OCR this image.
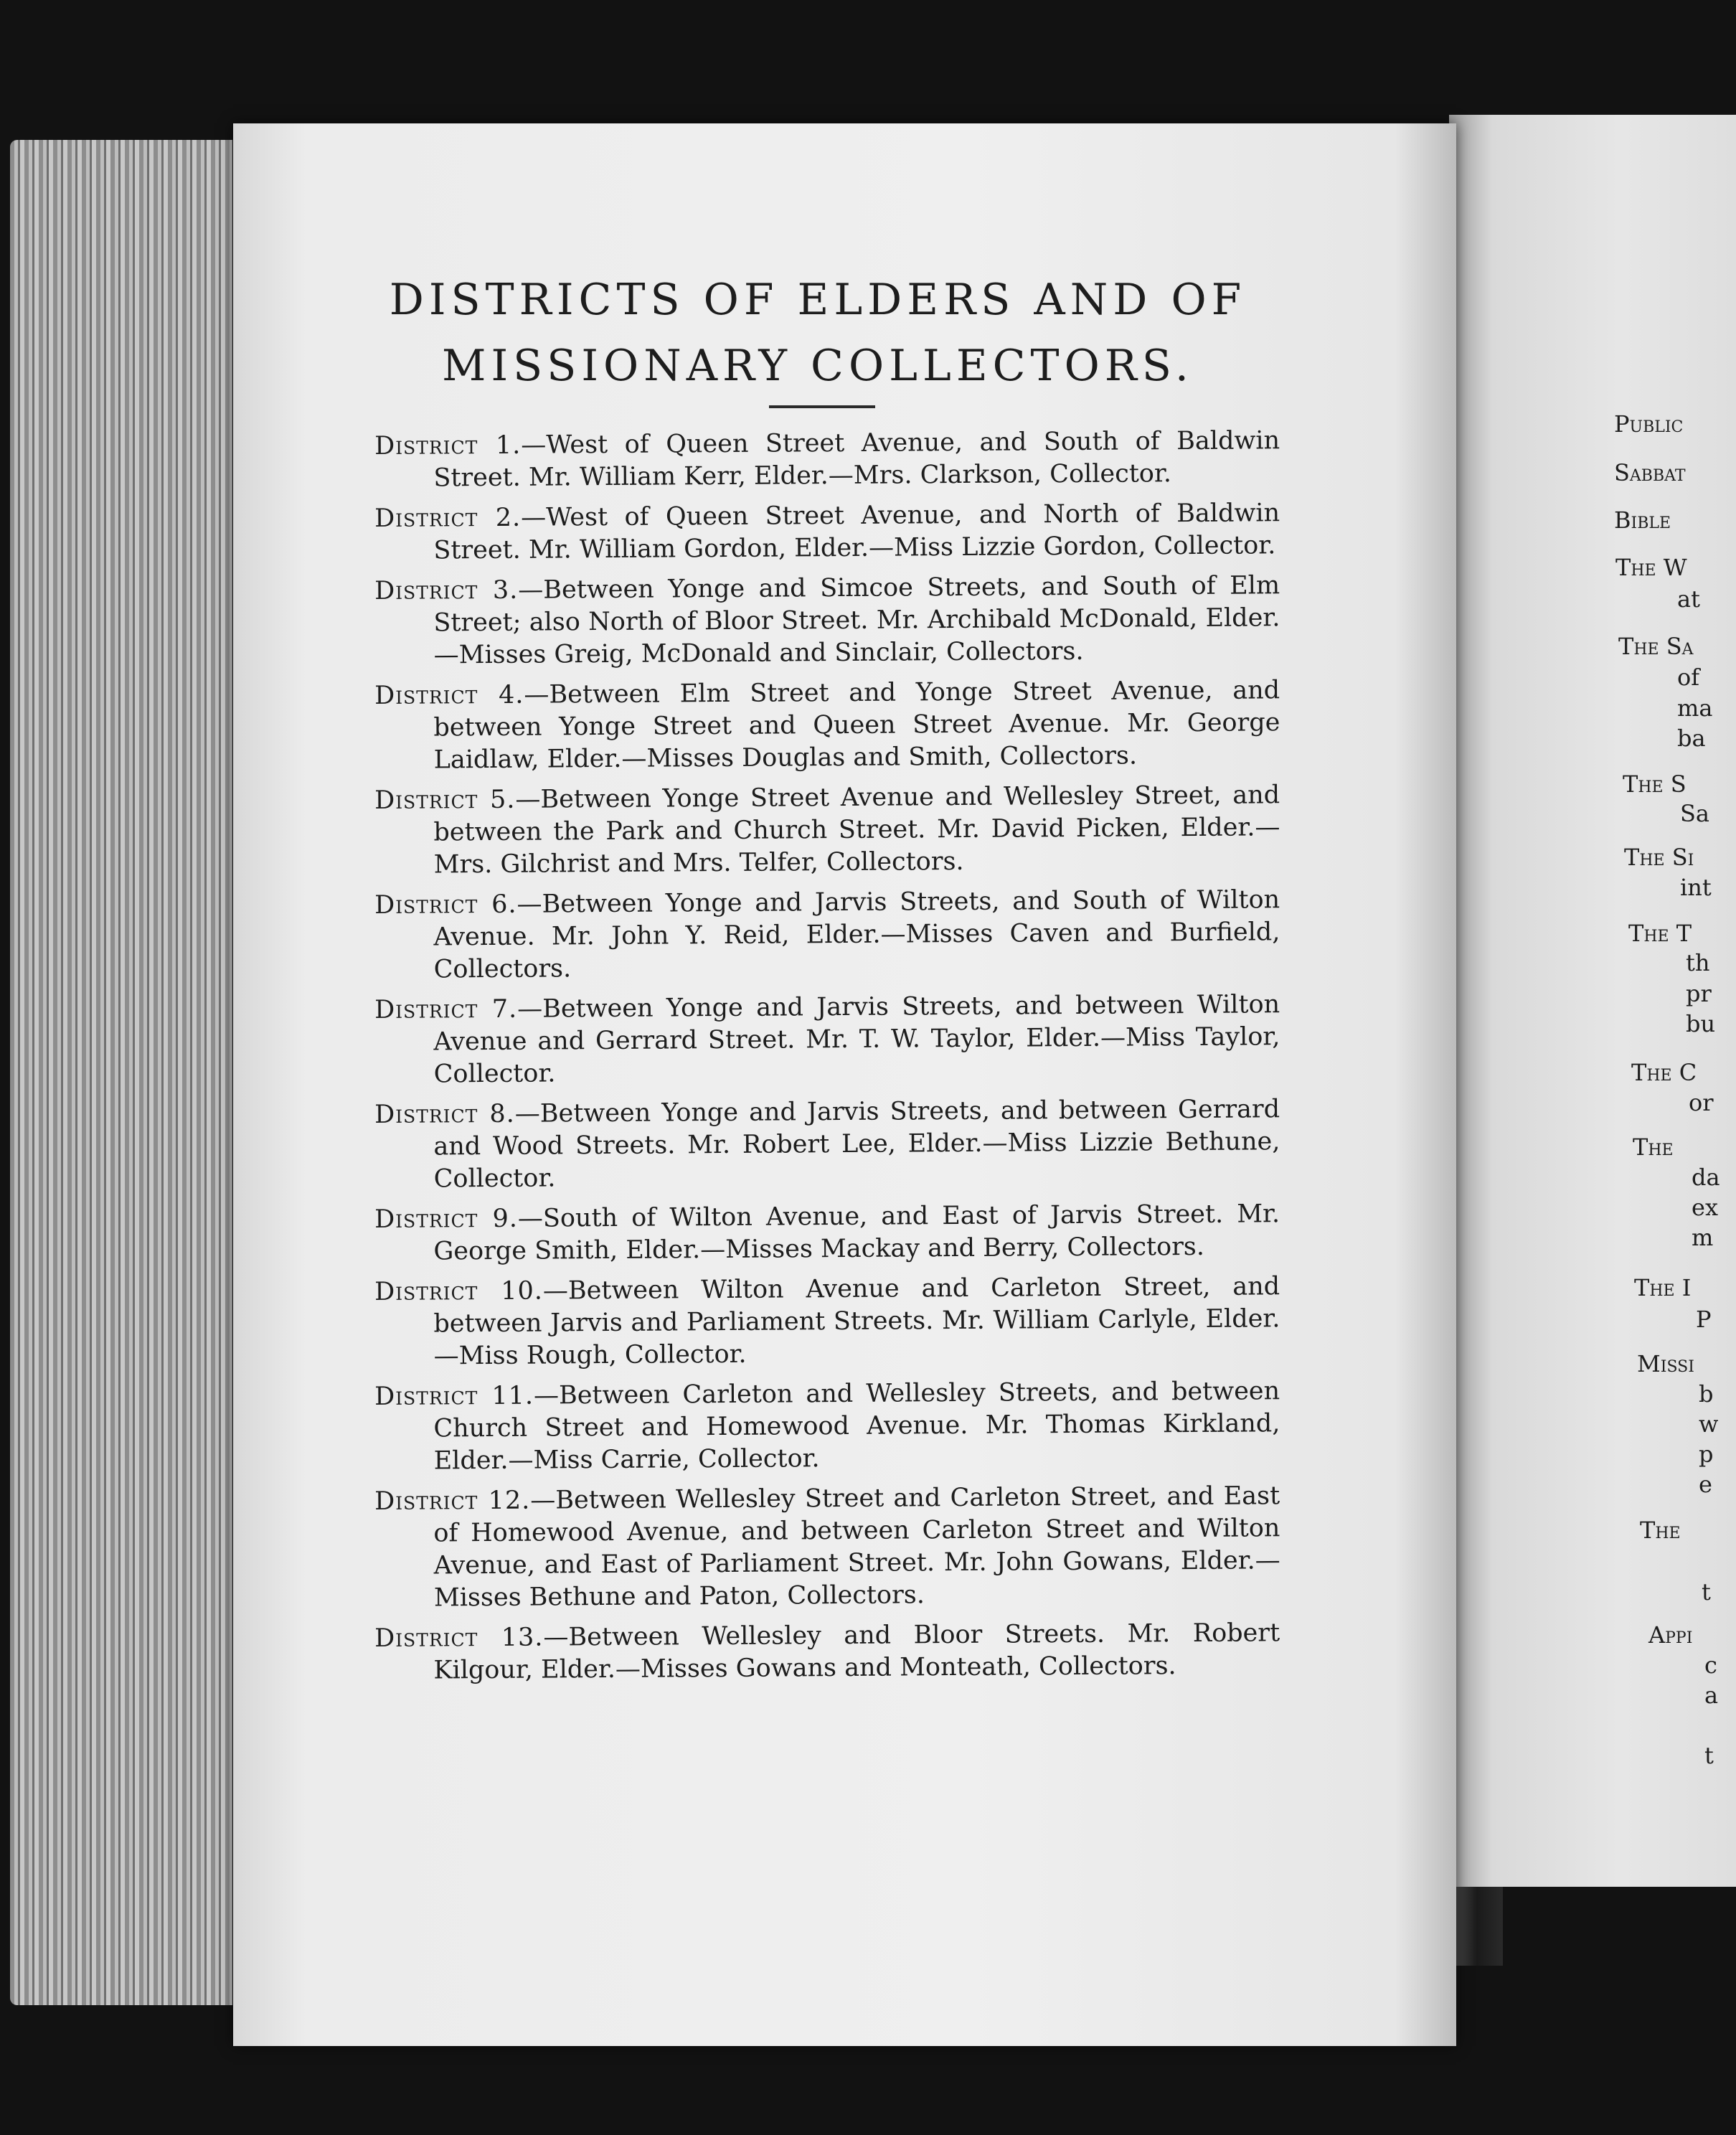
Public
Sabbat
Bible
The W
at
The Sa
of
ma
ba
The S
Sa
The Si
int
The T
th
pr
bu
The C
or
The
da
ex
m
The I
P
Missi
b
w
p
e
The
t
Appi
c
a
t
DISTRICTS OF ELDERS AND OF
MISSIONARY COLLECTORS.

District 1.—West of Queen Street Avenue, and South of Baldwin Street. Mr. William Kerr, Elder.—Mrs. Clarkson, Collector.

District 2.—West of Queen Street Avenue, and North of Baldwin Street. Mr. William Gordon, Elder.—Miss Lizzie Gordon, Collector.

District 3.—Between Yonge and Simcoe Streets, and South of Elm Street; also North of Bloor Street. Mr. Archibald McDonald, Elder.—Misses Greig, McDonald and Sinclair, Collectors.

District 4.—Between Elm Street and Yonge Street Avenue, and between Yonge Street and Queen Street Avenue. Mr. George Laidlaw, Elder.—Misses Douglas and Smith, Collectors.

District 5.—Between Yonge Street Avenue and Wellesley Street, and between the Park and Church Street. Mr. David Picken, Elder.—Mrs. Gilchrist and Mrs. Telfer, Collectors.

District 6.—Between Yonge and Jarvis Streets, and South of Wilton Avenue. Mr. John Y. Reid, Elder.—Misses Caven and Burfield, Collectors.

District 7.—Between Yonge and Jarvis Streets, and between Wilton Avenue and Gerrard Street. Mr. T. W. Taylor, Elder.—Miss Taylor, Collector.

District 8.—Between Yonge and Jarvis Streets, and between Gerrard and Wood Streets. Mr. Robert Lee, Elder.—Miss Lizzie Bethune, Collector.

District 9.—South of Wilton Avenue, and East of Jarvis Street. Mr. George Smith, Elder.—Misses Mackay and Berry, Collectors.

District 10.—Between Wilton Avenue and Carleton Street, and between Jarvis and Parliament Streets. Mr. William Carlyle, Elder.—Miss Rough, Collector.

District 11.—Between Carleton and Wellesley Streets, and between Church Street and Homewood Avenue. Mr. Thomas Kirkland, Elder.—Miss Carrie, Collector.

District 12.—Between Wellesley Street and Carleton Street, and East of Homewood Avenue, and between Carleton Street and Wilton Avenue, and East of Parliament Street. Mr. John Gowans, Elder.—Misses Bethune and Paton, Collectors.

District 13.—Between Wellesley and Bloor Streets. Mr. Robert Kilgour, Elder.—Misses Gowans and Monteath, Collectors.
